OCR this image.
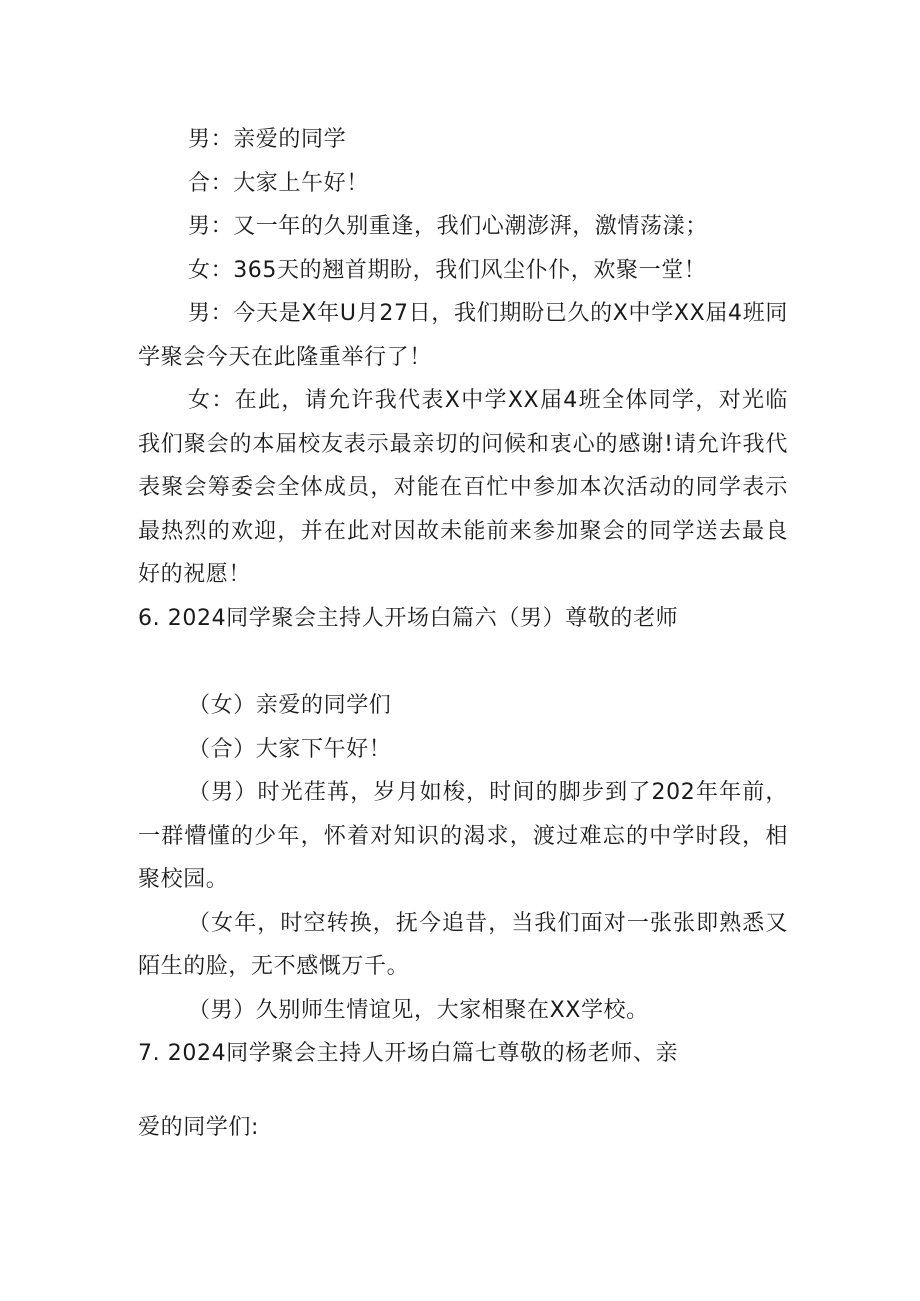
男：亲爱的同学

合：大家上午好！

男：又一年的久别重逢，我们心潮澎湃，激情荡漾；

女：365天的翘首期盼，我们风尘仆仆，欢聚一堂！

男：今天是X年U月27日，我们期盼已久的X中学XX届4班同学聚会今天在此隆重举行了！

女：在此，请允许我代表X中学XX届4班全体同学，对光临我们聚会的本届校友表示最亲切的问候和衷心的感谢!请允许我代表聚会筹委会全体成员，对能在百忙中参加本次活动的同学表示最热烈的欢迎，并在此对因故未能前来参加聚会的同学送去最良好的祝愿！

6. 2024同学聚会主持人开场白篇六（男）尊敬的老师

（女）亲爱的同学们

（合）大家下午好！

（男）时光荏苒，岁月如梭，时间的脚步到了202年年前，一群懵懂的少年，怀着对知识的渴求，渡过难忘的中学时段，相聚校园。

（女年，时空转换，抚今追昔，当我们面对一张张即熟悉又陌生的脸，无不感慨万千。

（男）久别师生情谊见，大家相聚在XX学校。

7. 2024同学聚会主持人开场白篇七尊敬的杨老师、亲

爱的同学们:
